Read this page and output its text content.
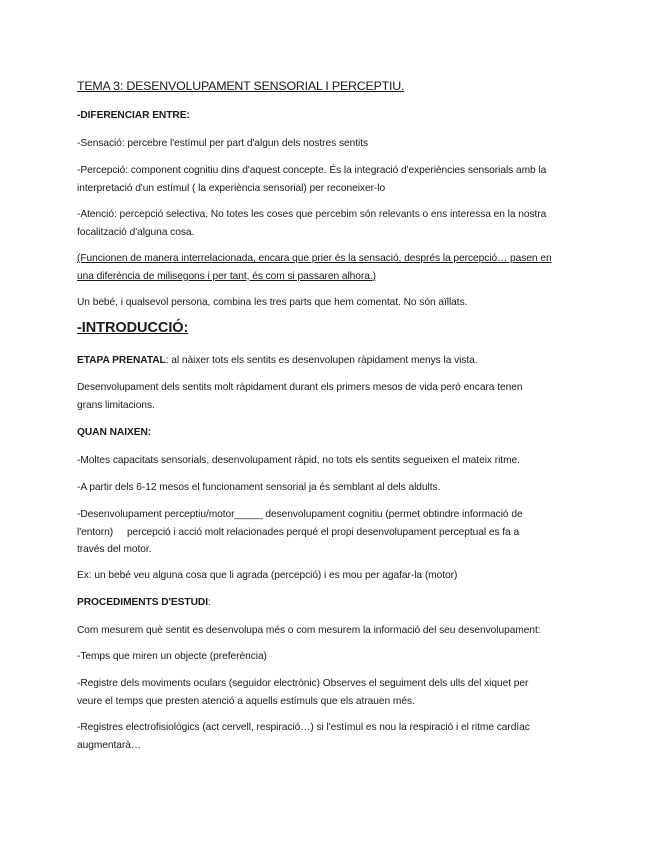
TEMA 3: DESENVOLUPAMENT SENSORIAL I PERCEPTIU.

-DIFERENCIAR ENTRE:

-Sensació: percebre l'estímul per part d'algun dels nostres sentits

-Percepció: component cognitiu dins d'aquest concepte. És la integració d'experiències sensorials amb la
interpretació d'un estímul ( la experiència sensorial) per reconeixer-lo

-Atenció: percepció selectiva. No totes les coses que percebim són relevants o ens interessa en la nostra
focalització d'alguna cosa.

(Funcionen de manera interrelacionada, encara que prier és la sensació, després la percepció… pasen en
una diferència de milisegons i per tant, és com si passaren alhora.)

Un bebé, i qualsevol persona, combina les tres parts que hem comentat. No són aïllats.

-INTRODUCCIÓ:

ETAPA PRENATAL: al nàixer tots els sentits es desenvolupen ràpidament menys la vista.

Desenvolupament dels sentits molt ràpidament durant els primers mesos de vida però encara tenen
grans limitacions.

QUAN NAIXEN:

-Moltes capacitats sensorials, desenvolupament ràpid, no tots els sentits segueixen el mateix ritme.

-A partir dels 6-12 mesos el funcionament sensorial ja és semblant al dels aldults.

-Desenvolupament perceptiu/motor_____ desenvolupament cognitiu (permet obtindre informació de
l'entorn)     percepció i acció molt relacionades perqué el propi desenvolupament perceptual es fa a
través del motor.

Ex: un bebé veu alguna cosa que li agrada (percepció) i es mou per agafar-la (motor)

PROCEDIMENTS D'ESTUDI:

Com mesurem què sentit es desenvolupa més o com mesurem la informació del seu desenvolupament:

-Temps que miren un objecte (preferència)

-Registre dels moviments oculars (seguidor electrònic) Observes el seguiment dels ulls del xiquet per
veure el temps que presten atenció a aquells estímuls que els atrauen més.

-Registres electrofisiològics (act cervell, respiració…) si l'estímul es nou la respiració i el ritme cardíac
augmentarà…
